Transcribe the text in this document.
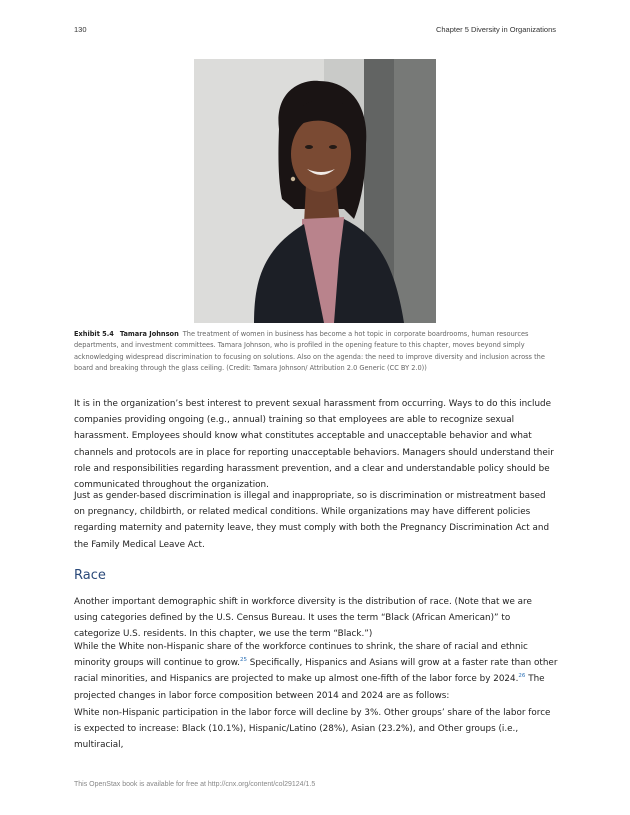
130	Chapter 5 Diversity in Organizations
Exhibit 5.4 Tamara Johnson The treatment of women in business has become a hot topic in corporate boardrooms, human resources departments, and investment committees. Tamara Johnson, who is profiled in the opening feature to this chapter, moves beyond simply acknowledging widespread discrimination to focusing on solutions. Also on the agenda: the need to improve diversity and inclusion across the board and breaking through the glass ceiling. (Credit: Tamara Johnson/ Attribution 2.0 Generic (CC BY 2.0))

It is in the organization’s best interest to prevent sexual harassment from occurring. Ways to do this include companies providing ongoing (e.g., annual) training so that employees are able to recognize sexual harassment. Employees should know what constitutes acceptable and unacceptable behavior and what channels and protocols are in place for reporting unacceptable behaviors. Managers should understand their role and responsibilities regarding harassment prevention, and a clear and understandable policy should be communicated throughout the organization.

Just as gender-based discrimination is illegal and inappropriate, so is discrimination or mistreatment based on pregnancy, childbirth, or related medical conditions. While organizations may have different policies regarding maternity and paternity leave, they must comply with both the Pregnancy Discrimination Act and the Family Medical Leave Act.

Race

Another important demographic shift in workforce diversity is the distribution of race. (Note that we are using categories defined by the U.S. Census Bureau. It uses the term “Black (African American)” to categorize U.S. residents. In this chapter, we use the term “Black.”)

While the White non-Hispanic share of the workforce continues to shrink, the share of racial and ethnic minority groups will continue to grow.$^{25}$ Specifically, Hispanics and Asians will grow at a faster rate than other racial minorities, and Hispanics are projected to make up almost one-fifth of the labor force by 2024.26 The projected changes in labor force composition between 2014 and 2024 are as follows:

White non-Hispanic participation in the labor force will decline by 3%. Other groups’ share of the labor force is expected to increase: Black (10.1%), Hispanic/Latino (28%), Asian (23.2%), and Other groups (i.e., multiracial,

This OpenStax book is available for free at http://cnx.org/content/col29124/1.5
